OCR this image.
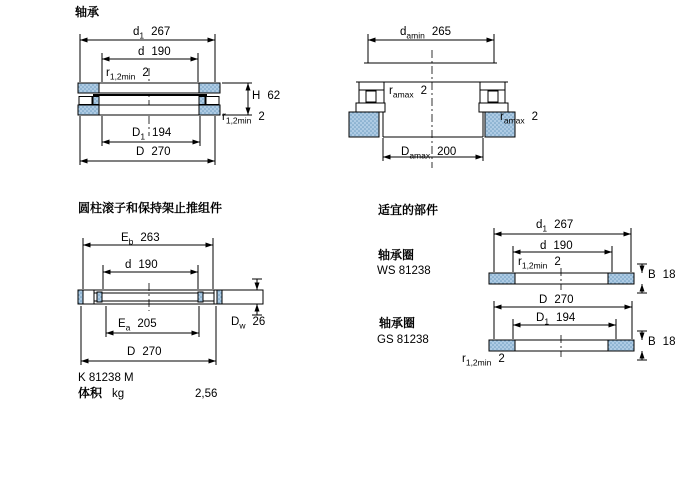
轴承
$d_1$ 267
d 190
$r_{1,2min}$ 2
H 62
$r_{1,2min}$ 2
$D_1$ 194
D 270
$d_{amin}$ 265
$r_{amax}$ 2
$r_{amax}$ 2
$D_{amax}$ 200
圆柱滚子和保持架止推组件
$E_b$ 263
d 190
$D_w$ 26
$E_a$ 205
D 270
K 81238 M
体积 kg	2,56
适宜的部件
轴承圈
WS 81238
$d_1$ 267
d 190
$r_{1,2min}$ 2
B 18
D 270
$D_1$ 194
轴承圈
GS 81238	B 18
$r_{1,2min}$ 2
